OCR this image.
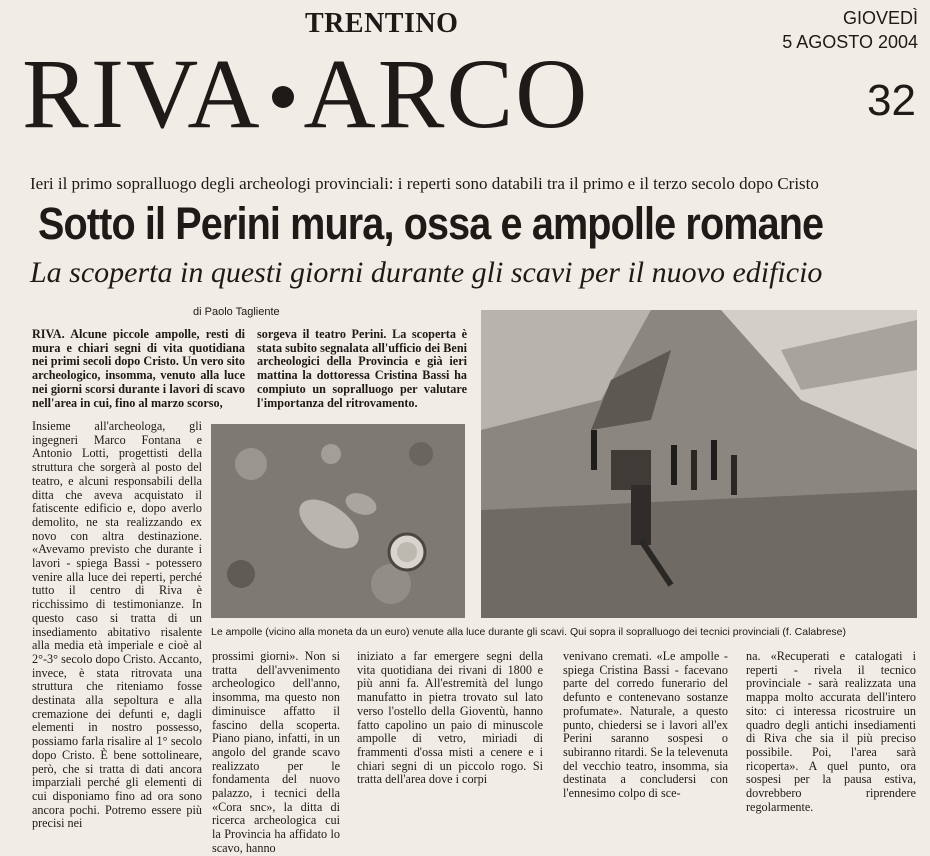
TRENTINO	GIOVEDÌ
5 AGOSTO 2004
RIVA ARCO	32
Ieri il primo sopralluogo degli archeologi provinciali: i reperti sono databili tra il primo e il terzo secolo dopo Cristo
Sotto il Perini mura, ossa e ampolle romane
La scoperta in questi giorni durante gli scavi per il nuovo edificio
di Paolo Tagliente

RIVA. Alcune piccole ampolle, resti di mura e chiari segni di vita quotidiana nei primi secoli dopo Cristo. Un vero sito archeologico, insomma, venuto alla luce nei giorni scorsi durante i lavori di scavo nell'area in cui, fino al marzo scorso,

sorgeva il teatro Perini. La scoperta è stata subito segnalata all'ufficio dei Beni archeologici della Provincia e già ieri mattina la dottoressa Cristina Bassi ha compiuto un sopralluogo per valutare l'importanza del ritrovamento.
Insieme all'archeologa, gli ingegneri Marco Fontana e Antonio Lotti, progettisti della struttura che sorgerà al posto del teatro, e alcuni responsabili della ditta che aveva acquistato il fatiscente edificio e, dopo averlo demolito, ne sta realizzando ex novo con altra destinazione. «Avevamo previsto che durante i lavori - spiega Bassi - potessero venire alla luce dei reperti, perché tutto il centro di Riva è ricchissimo di testimonianze. In questo caso si tratta di un insediamento abitativo risalente alla media età imperiale e cioè al 2°-3° secolo dopo Cristo. Accanto, invece, è stata ritrovata una struttura che riteniamo fosse destinata alla sepoltura e alla cremazione dei defunti e, dagli elementi in nostro possesso, possiamo farla risalire al 1° secolo dopo Cristo. È bene sottolineare, però, che si tratta di dati ancora imparziali perché gli elementi di cui disponiamo fino ad ora sono ancora pochi. Potremo essere più precisi nei
Le ampolle (vicino alla moneta da un euro) venute alla luce durante gli scavi. Qui sopra il sopralluogo dei tecnici provinciali (f. Calabrese)
prossimi giorni». Non si tratta dell'avvenimento archeologico dell'anno, insomma, ma questo non diminuisce affatto il fascino della scoperta. Piano piano, infatti, in un angolo del grande scavo realizzato per le fondamenta del nuovo palazzo, i tecnici della «Cora snc», la ditta di ricerca archeologica cui la Provincia ha affidato lo scavo, hanno
iniziato a far emergere segni della vita quotidiana dei rivani di 1800 e più anni fa. All'estremità del lungo manufatto in pietra trovato sul lato verso l'ostello della Gioventù, hanno fatto capolino un paio di minuscole ampolle di vetro, miriadi di frammenti d'ossa misti a cenere e i chiari segni di un piccolo rogo. Si tratta dell'area dove i corpi
venivano cremati. «Le ampolle - spiega Cristina Bassi - facevano parte del corredo funerario del defunto e contenevano sostanze profumate». Naturale, a questo punto, chiedersi se i lavori all'ex Perini saranno sospesi o subiranno ritardi. Se la televenuta del vecchio teatro, insomma, sia destinata a concludersi con l'ennesimo colpo di sce-
na. «Recuperati e catalogati i reperti - rivela il tecnico provinciale - sarà realizzata una mappa molto accurata dell'intero sito: ci interessa ricostruire un quadro degli antichi insediamenti di Riva che sia il più preciso possibile. Poi, l'area sarà ricoperta». A quel punto, ora sospesi per la pausa estiva, dovrebbero riprendere regolarmente.
